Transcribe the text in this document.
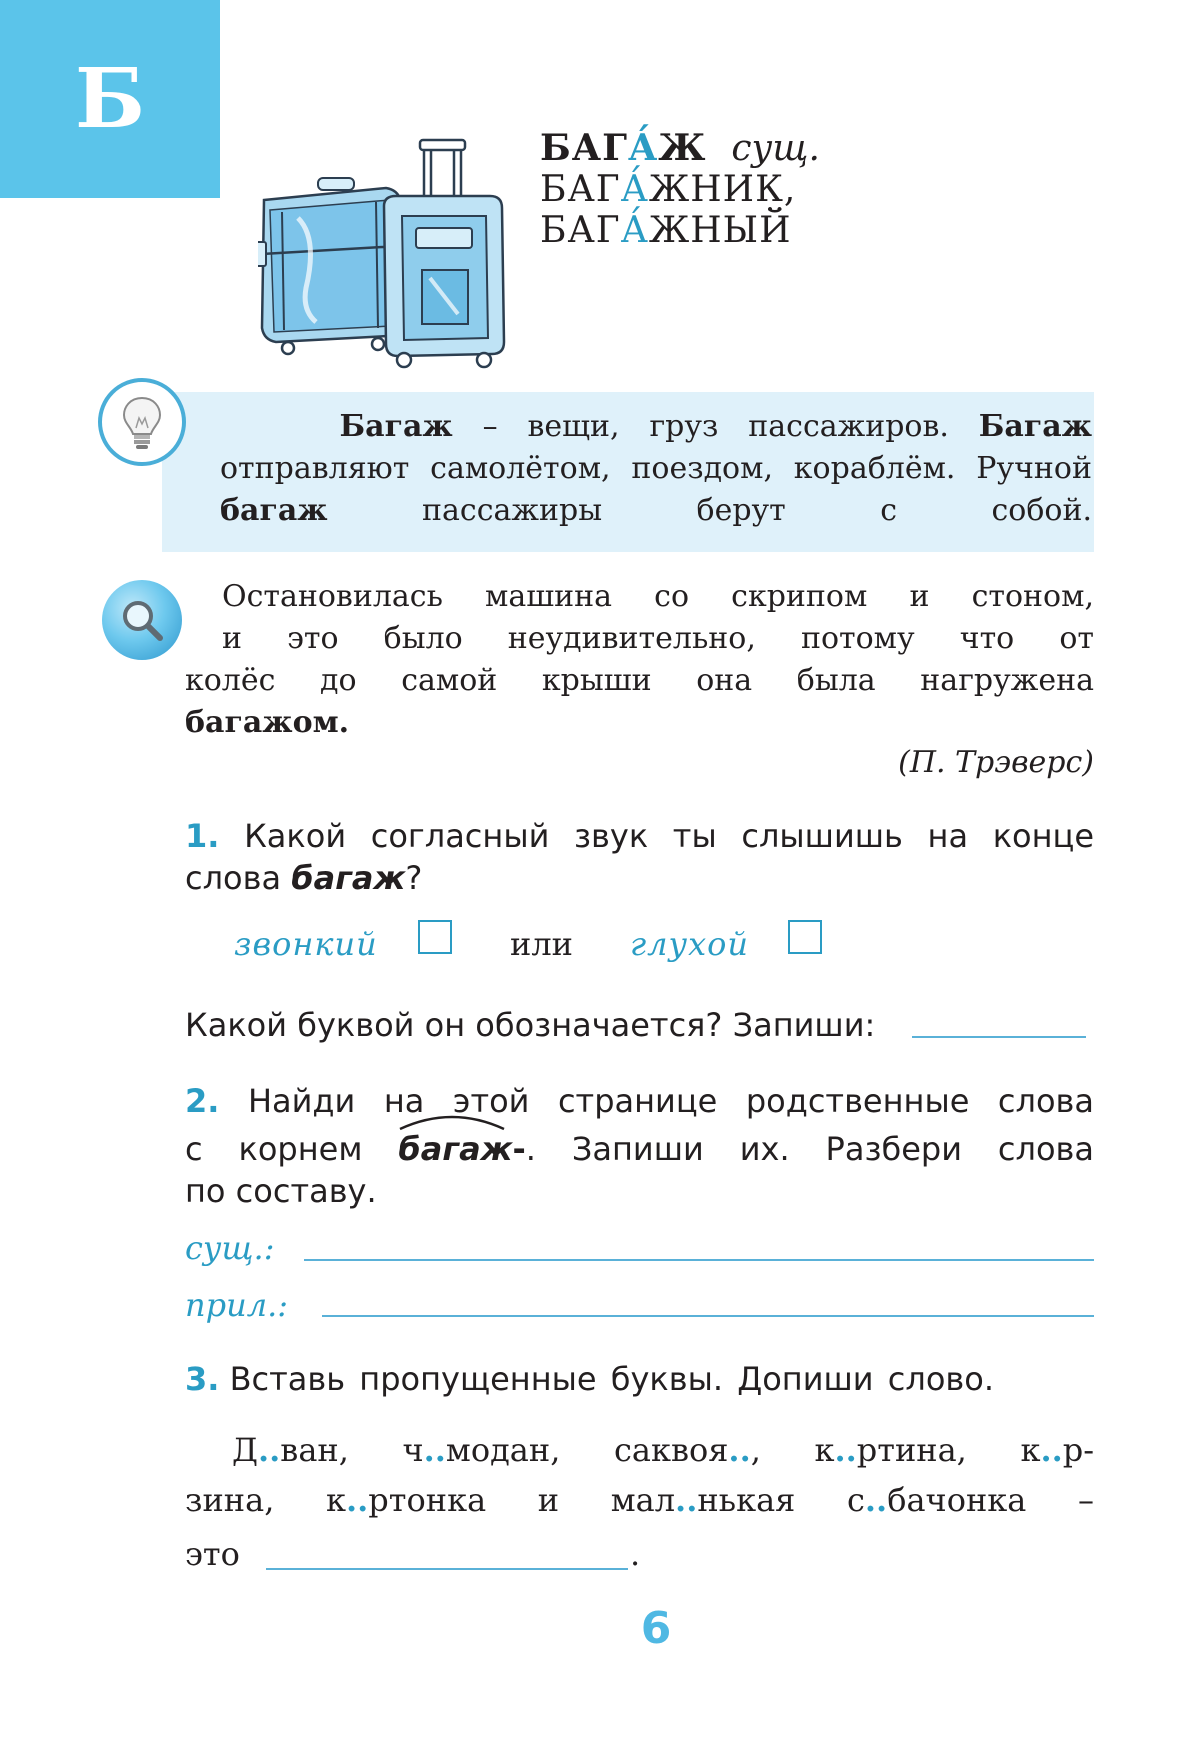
Б
БАГА́Ж сущ.
БАГА́ЖНИК,
БАГА́ЖНЫЙ
Багаж – вещи, груз пассажиров. Багаж отправляют самолётом, поездом, кораблём. Ручной багаж пассажиры берут с собой.
Остановилась машина со скрипом и стоном,
и это было неудивительно, потому что от
колёс до самой крыши она была нагружена
багажом.
(П. Трэверс)
1. Какой согласный звук ты слышишь на конце
слова багаж?
звонкий	или глухой
Какой буквой он обозначается? Запиши:
2. Найди на этой странице родственные слова
с корнем
багаж-. Запиши их. Разбери слова
по составу.
сущ.:
прил.:
3. Вставь пропущенные буквы. Допиши слово.
Д..ван, ч..модан, саквоя.., к..ртина, к..р-
зина, к..ртонка и мал..нькая с..бачонка –
это	.
6
